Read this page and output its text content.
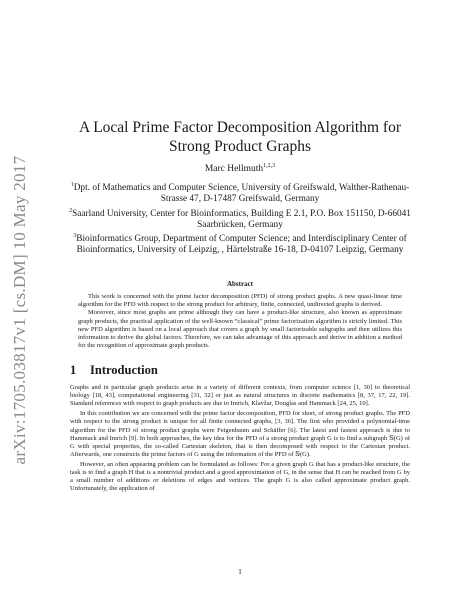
arXiv:1705.03817v1 [cs.DM] 10 May 2017
A Local Prime Factor Decomposition Algorithm for Strong Product Graphs
Marc Hellmuth$^{1,2,3}$
$^1$Dpt. of Mathematics and Computer Science, University of Greifswald, Walther-Rathenau-Strasse 47, D-17487 Greifswald, Germany
$^2$Saarland University, Center for Bioinformatics, Building E 2.1, P.O. Box 151150, D-66041 Saarbrücken, Germany
$^3$Bioinformatics Group, Department of Computer Science; and Interdisciplinary Center of Bioinformatics, University of Leipzig, , Härtelstraße 16-18, D-04107 Leipzig, Germany
Abstract

This work is concerned with the prime factor decomposition (PFD) of strong product graphs. A new quasi-linear time algorithm for the PFD with respect to the strong product for arbitrary, finite, connected, undirected graphs is derived.

Moreover, since most graphs are prime although they can have a product-like structure, also known as approximate graph products, the practical application of the well-known “classical” prime factorization algorithm is strictly limited. This new PFD algorithm is based on a local approach that covers a graph by small factorizable subgraphs and then utilizes this information to derive the global factors. Therefore, we can take advantage of this approach and derive in addition a method for the recognition of approximate graph products.

1 Introduction

Graphs and in particular graph products arise in a variety of different contexts, from computer science [1, 30] to theoretical biology [18, 43], computational engineering [31, 32] or just as natural structures in discrete mathematics [8, 37, 17, 22, 19]. Standard references with respect to graph products are due to Imrich, Klavžar, Douglas and Hammack [24, 25, 10].

In this contribution we are concerned with the prime factor decomposition, PFD for short, of strong product graphs. The PFD with respect to the strong product is unique for all finite connected graphs, [3, 36]. The first who provided a polynomial-time algorithm for the PFD of strong product graphs were Feigenbaum and Schäffer [6]. The latest and fastest approach is due to Hammack and Imrich [9]. In both approaches, the key idea for the PFD of a strong product graph G is to find a subgraph 𝕊(G) of G with special properties, the so-called Cartesian skeleton, that is then decomposed with respect to the Cartesian product. Afterwards, one constructs the prime factors of G using the information of the PFD of 𝕊(G).

However, an often appearing problem can be formulated as follows: For a given graph G that has a product-like structure, the task is to find a graph H that is a nontrivial product and a good approximation of G, in the sense that H can be reached from G by a small number of additions or deletions of edges and vertices. The graph G is also called approximate product graph. Unfortunately, the application of

1
